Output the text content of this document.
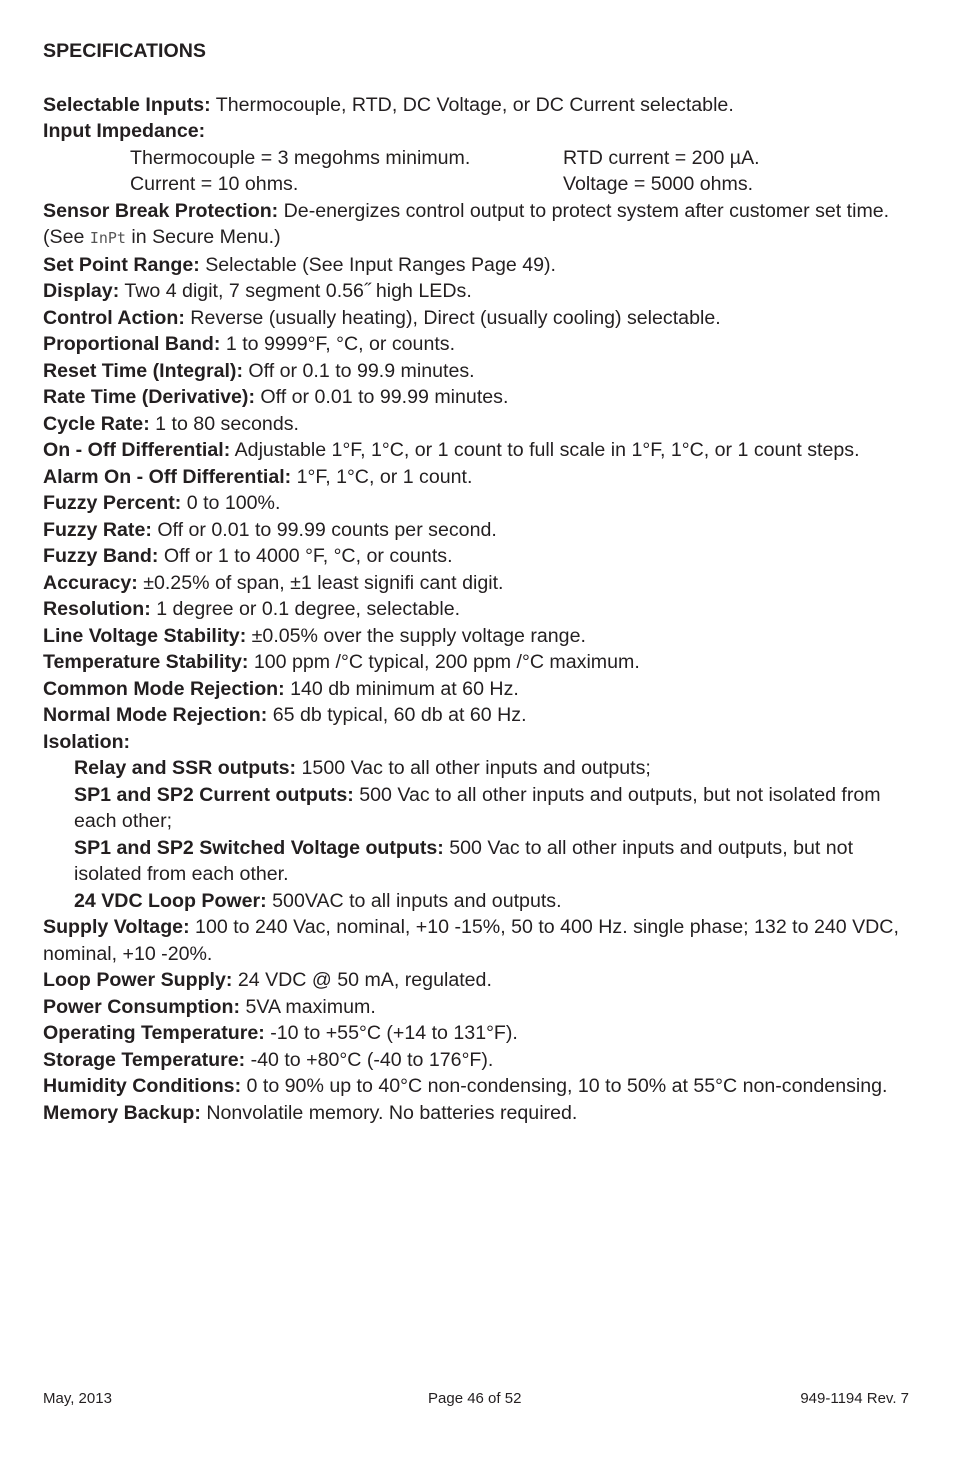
SPECIFICATIONS

Selectable Inputs: Thermocouple, RTD, DC Voltage, or DC Current selectable.

Input Impedance:

Thermocouple = 3 megohms minimum.	RTD current = 200 µA.
Current = 10 ohms.	Voltage = 5000 ohms.

Sensor Break Protection: De-energizes control output to protect system after customer set time. (See InPt in Secure Menu.)

Set Point Range: Selectable (See Input Ranges Page 49).

Display: Two 4 digit, 7 segment 0.56˝ high LEDs.

Control Action: Reverse (usually heating), Direct (usually cooling) selectable.

Proportional Band: 1 to 9999°F, °C, or counts.

Reset Time (Integral): Off or 0.1 to 99.9 minutes.

Rate Time (Derivative): Off or 0.01 to 99.99 minutes.

Cycle Rate: 1 to 80 seconds.

On - Off Differential: Adjustable 1°F, 1°C, or 1 count to full scale in 1°F, 1°C, or 1 count steps.

Alarm On - Off Differential: 1°F, 1°C, or 1 count.

Fuzzy Percent: 0 to 100%.

Fuzzy Rate: Off or 0.01 to 99.99 counts per second.

Fuzzy Band: Off or 1 to 4000 °F, °C, or counts.

Accuracy: ±0.25% of span, ±1 least signifi cant digit.

Resolution: 1 degree or 0.1 degree, selectable.

Line Voltage Stability: ±0.05% over the supply voltage range.

Temperature Stability: 100 ppm /°C typical, 200 ppm /°C maximum.

Common Mode Rejection: 140 db minimum at 60 Hz.

Normal Mode Rejection: 65 db typical, 60 db at 60 Hz.

Isolation:

Relay and SSR outputs: 1500 Vac to all other inputs and outputs;

SP1 and SP2 Current outputs: 500 Vac to all other inputs and outputs, but not isolated from each other;

SP1 and SP2 Switched Voltage outputs: 500 Vac to all other inputs and outputs, but not isolated from each other.

24 VDC Loop Power: 500VAC to all inputs and outputs.

Supply Voltage: 100 to 240 Vac, nominal, +10 -15%, 50 to 400 Hz. single phase; 132 to 240 VDC, nominal, +10 -20%.

Loop Power Supply: 24 VDC @ 50 mA, regulated.

Power Consumption: 5VA maximum.

Operating Temperature: -10 to +55°C (+14 to 131°F).

Storage Temperature: -40 to +80°C (-40 to 176°F).

Humidity Conditions: 0 to 90% up to 40°C non-condensing, 10 to 50% at 55°C non-condensing.

Memory Backup: Nonvolatile memory. No batteries required.

May, 2013	Page 46 of 52	949-1194 Rev. 7
